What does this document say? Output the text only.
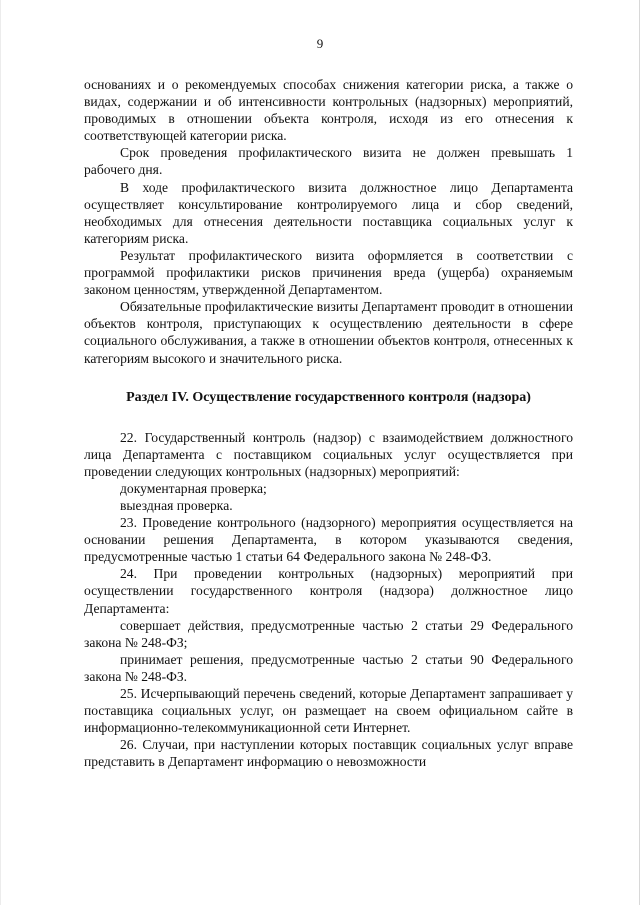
9

основаниях и о рекомендуемых способах снижения категории риска, а также о видах, содержании и об интенсивности контрольных (надзорных) мероприятий, проводимых в отношении объекта контроля, исходя из его отнесения к соответствующей категории риска.

Срок проведения профилактического визита не должен превышать 1 рабочего дня.

В ходе профилактического визита должностное лицо Департамента осуществляет консультирование контролируемого лица и сбор сведений, необходимых для отнесения деятельности поставщика социальных услуг к категориям риска.

Результат профилактического визита оформляется в соответствии с программой профилактики рисков причинения вреда (ущерба) охраняемым законом ценностям, утвержденной Департаментом.

Обязательные профилактические визиты Департамент проводит в отношении объектов контроля, приступающих к осуществлению деятельности в сфере социального обслуживания, а также в отношении объектов контроля, отнесенных к категориям высокого и значительного риска.

Раздел IV. Осуществление государственного контроля (надзора)

22. Государственный контроль (надзор) с взаимодействием должностного лица Департамента с поставщиком социальных услуг осуществляется при проведении следующих контрольных (надзорных) мероприятий:

документарная проверка;

выездная проверка.

23. Проведение контрольного (надзорного) мероприятия осуществляется на основании решения Департамента, в котором указываются сведения, предусмотренные частью 1 статьи 64 Федерального закона № 248-ФЗ.

24. При проведении контрольных (надзорных) мероприятий при осуществлении государственного контроля (надзора) должностное лицо Департамента:

совершает действия, предусмотренные частью 2 статьи 29 Федерального закона № 248-ФЗ;

принимает решения, предусмотренные частью 2 статьи 90 Федерального закона № 248-ФЗ.

25. Исчерпывающий перечень сведений, которые Департамент запрашивает у поставщика социальных услуг, он размещает на своем официальном сайте в информационно-телекоммуникационной сети Интернет.

26. Случаи, при наступлении которых поставщик социальных услуг вправе представить в Департамент информацию о невозможности
